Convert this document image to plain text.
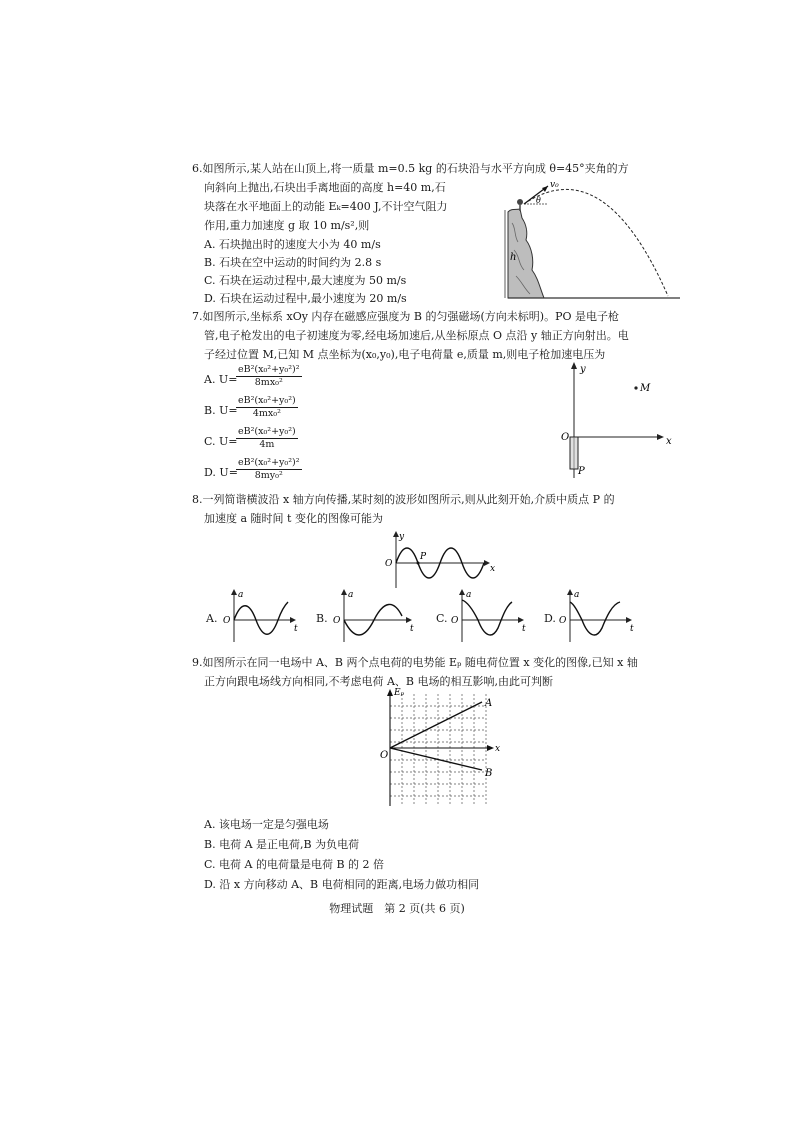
6.如图所示,某人站在山顶上,将一质量 m=0.5 kg 的石块沿与水平方向成 θ=45°夹角的方
向斜向上抛出,石块出手离地面的高度 h=40 m,石
块落在水平地面上的动能 Eₖ=400 J,不计空气阻力
作用,重力加速度 g 取 10 m/s²,则
A. 石块抛出时的速度大小为 40 m/s
B. 石块在空中运动的时间约为 2.8 s
C. 石块在运动过程中,最大速度为 50 m/s
D. 石块在运动过程中,最小速度为 20 m/s
h
v₀
θ
7.如图所示,坐标系 xOy 内存在磁感应强度为 B 的匀强磁场(方向未标明)。PO 是电子枪
管,电子枪发出的电子初速度为零,经电场加速后,从坐标原点 O 点沿 y 轴正方向射出。电
子经过位置 M,已知 M 点坐标为(x₀,y₀),电子电荷量 e,质量 m,则电子枪加速电压为
A. U=
$\frac{\text{eB²(x₀²+y₀²)²}}{\text{8mx₀²}}$
B. U=
$\frac{\text{eB²(x₀²+y₀²)}}{\text{4mx₀²}}$
C. U=
$\frac{\text{eB²(x₀²+y₀²)}}{4m}$
D. U=
$\frac{\text{eB²(x₀²+y₀²)²}}{\text{8my₀²}}$
y
x
O
M
P
8.一列简谐横波沿 x 轴方向传播,某时刻的波形如图所示,则从此刻开始,介质中质点 P 的
加速度 a 随时间 t 变化的图像可能为
y
x
O
P
A.
a
t
O	B.
a
t
O	C.
a
t
O	D.
a
t
O
9.如图所示在同一电场中 A、B 两个点电荷的电势能 Eₚ 随电荷位置 x 变化的图像,已知 x 轴
正方向跟电场线方向相同,不考虑电荷 A、B 电场的相互影响,由此可判断
Eₚ
x
O
A
B
A. 该电场一定是匀强电场
B. 电荷 A 是正电荷,B 为负电荷
C. 电荷 A 的电荷量是电荷 B 的 2 倍
D. 沿 x 方向移动 A、B 电荷相同的距离,电场力做功相同
物理试题　第 2 页(共 6 页)
